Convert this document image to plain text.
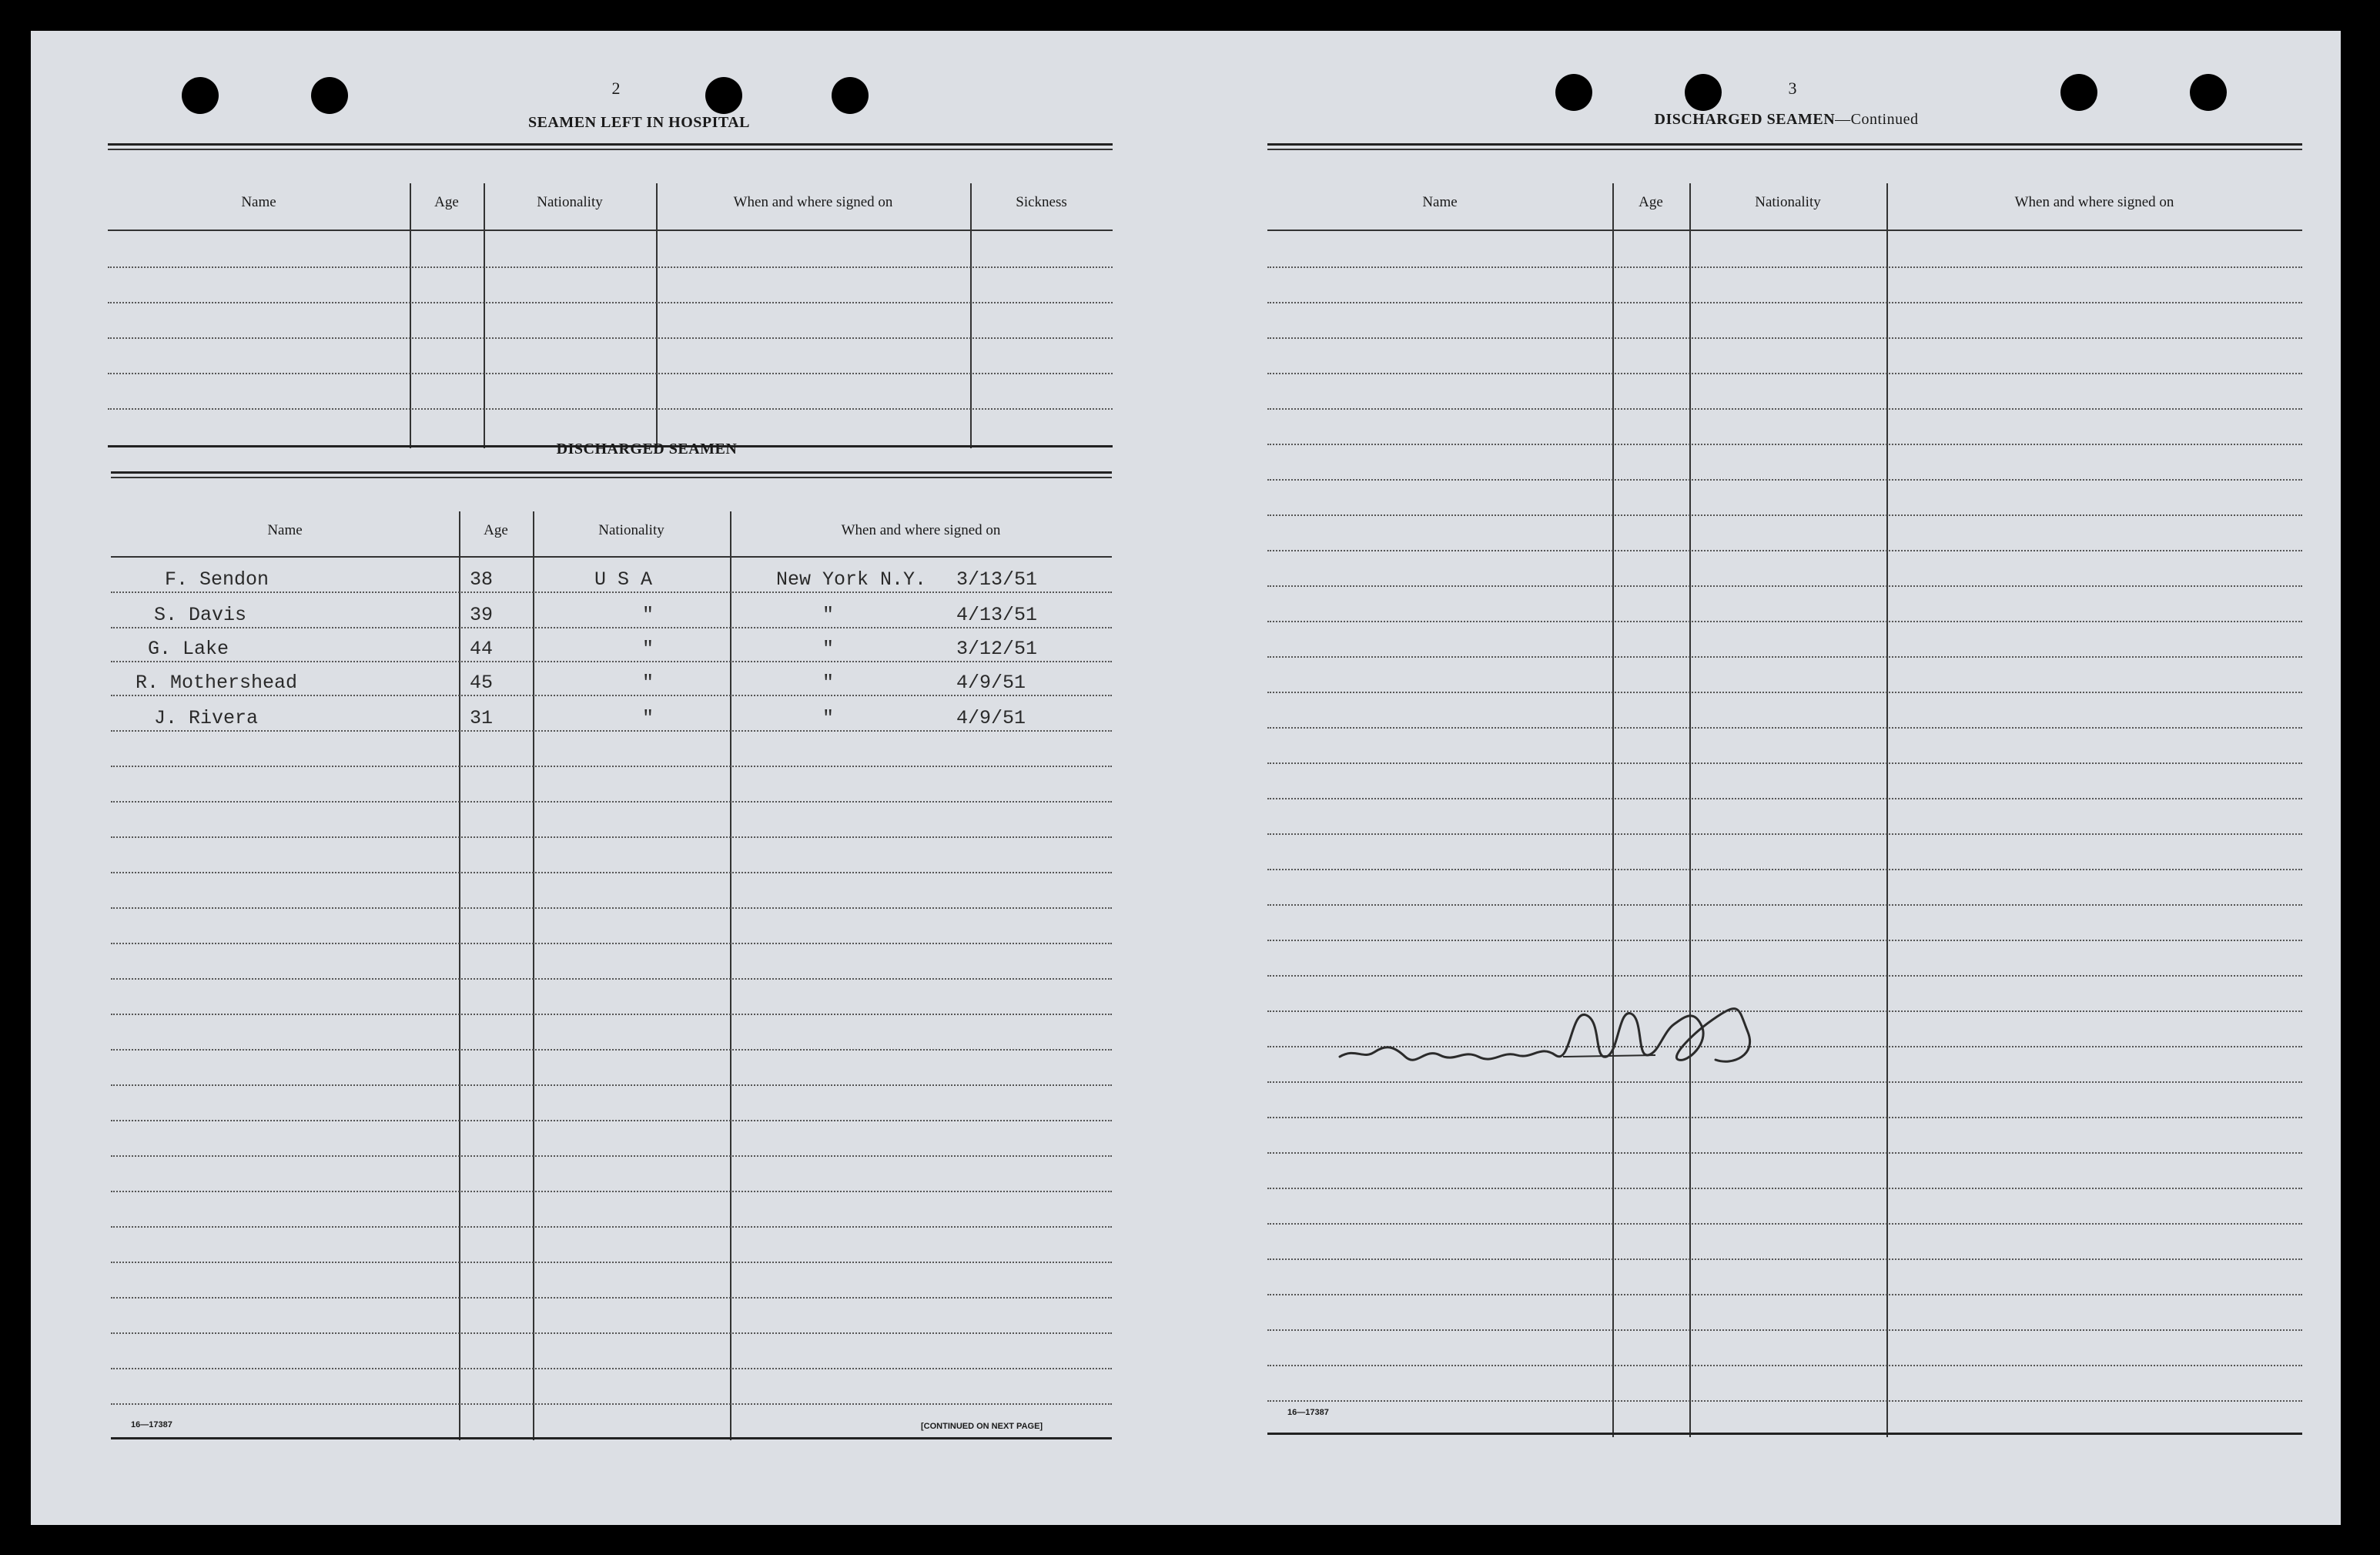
2
SEAMEN LEFT IN HOSPITAL
Name	Age	Nationality	When and where signed on	Sickness
DISCHARGED SEAMEN
Name	Age	Nationality	When and where signed on
F. Sendon	38	U S A	New York N.Y. 3/13/51
S. Davis	39	"	"	4/13/51
G. Lake	44	"	"	3/12/51
R. Mothershead	45	"	"	4/9/51
J. Rivera	31	"	"	4/9/51
16—17387	[CONTINUED ON NEXT PAGE]
3
DISCHARGED SEAMEN—Continued
Name	Age	Nationality	When and where signed on
16—17387
